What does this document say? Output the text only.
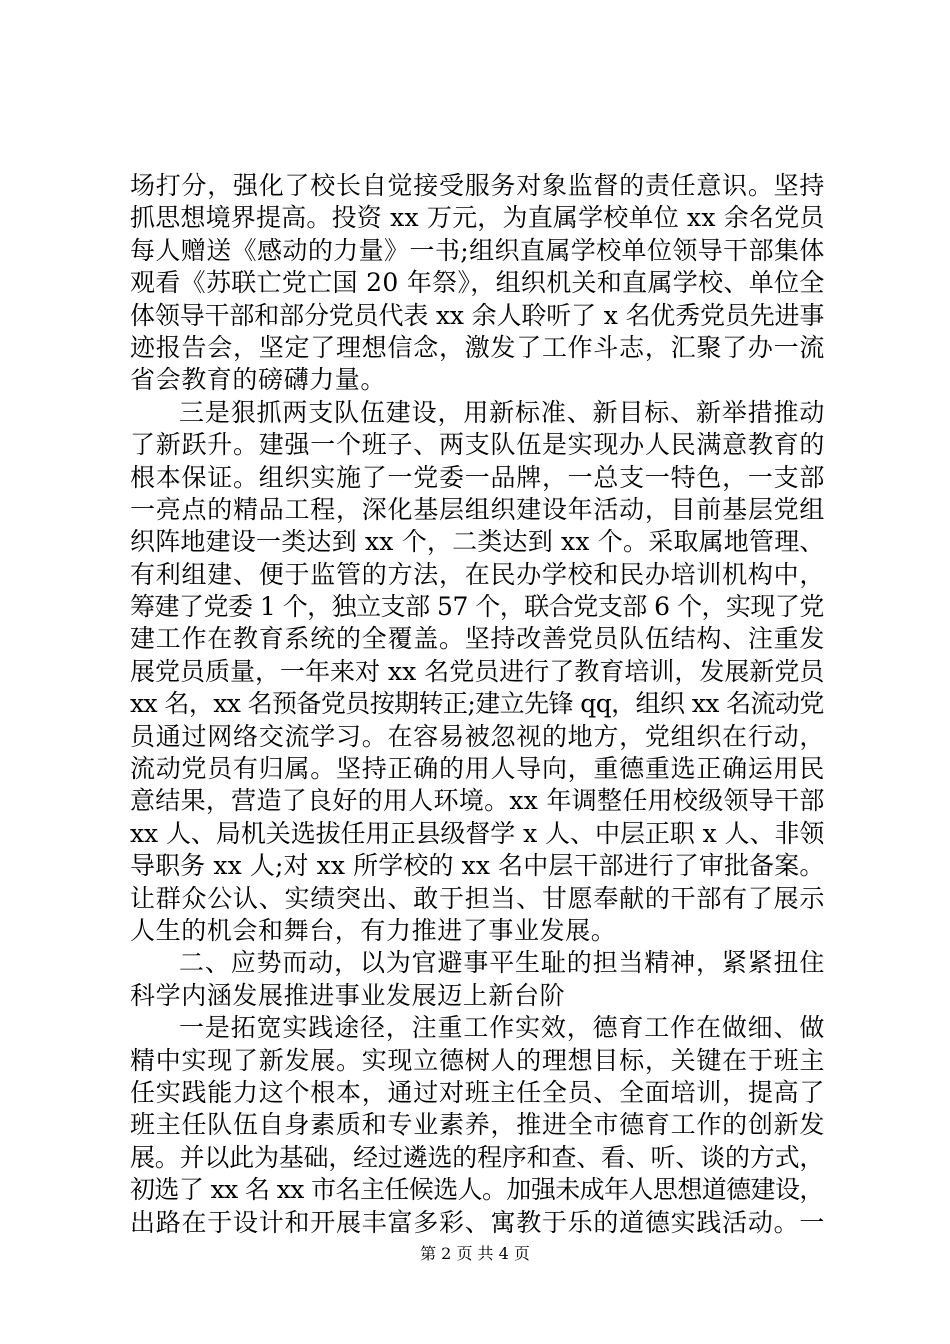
场打分，强化了校长自觉接受服务对象监督的责任意识。坚持
抓思想境界提高。投资 xx 万元，为直属学校单位 xx 余名党员
每人赠送《感动的力量》一书;组织直属学校单位领导干部集体
观看《苏联亡党亡国 20 年祭》，组织机关和直属学校、单位全
体领导干部和部分党员代表 xx 余人聆听了 x 名优秀党员先进事
迹报告会，坚定了理想信念，激发了工作斗志，汇聚了办一流
省会教育的磅礴力量。
三是狠抓两支队伍建设，用新标准、新目标、新举措推动
了新跃升。建强一个班子、两支队伍是实现办人民满意教育的
根本保证。组织实施了一党委一品牌，一总支一特色，一支部
一亮点的精品工程，深化基层组织建设年活动，目前基层党组
织阵地建设一类达到 xx 个，二类达到 xx 个。采取属地管理、
有利组建、便于监管的方法，在民办学校和民办培训机构中，
筹建了党委 1 个，独立支部 57 个，联合党支部 6 个，实现了党
建工作在教育系统的全覆盖。坚持改善党员队伍结构、注重发
展党员质量，一年来对 xx 名党员进行了教育培训，发展新党员
xx 名，xx 名预备党员按期转正;建立先锋 qq，组织 xx 名流动党
员通过网络交流学习。在容易被忽视的地方，党组织在行动，
流动党员有归属。坚持正确的用人导向，重德重选正确运用民
意结果，营造了良好的用人环境。xx 年调整任用校级领导干部
xx 人、局机关选拔任用正县级督学 x 人、中层正职 x 人、非领
导职务 xx 人;对 xx 所学校的 xx 名中层干部进行了审批备案。
让群众公认、实绩突出、敢于担当、甘愿奉献的干部有了展示
人生的机会和舞台，有力推进了事业发展。
二、应势而动，以为官避事平生耻的担当精神，紧紧扭住
科学内涵发展推进事业发展迈上新台阶
一是拓宽实践途径，注重工作实效，德育工作在做细、做
精中实现了新发展。实现立德树人的理想目标，关键在于班主
任实践能力这个根本，通过对班主任全员、全面培训，提高了
班主任队伍自身素质和专业素养，推进全市德育工作的创新发
展。并以此为基础，经过遴选的程序和查、看、听、谈的方式，
初选了 xx 名 xx 市名主任候选人。加强未成年人思想道德建设，
出路在于设计和开展丰富多彩、寓教于乐的道德实践活动。一
第 2 页 共 4 页
